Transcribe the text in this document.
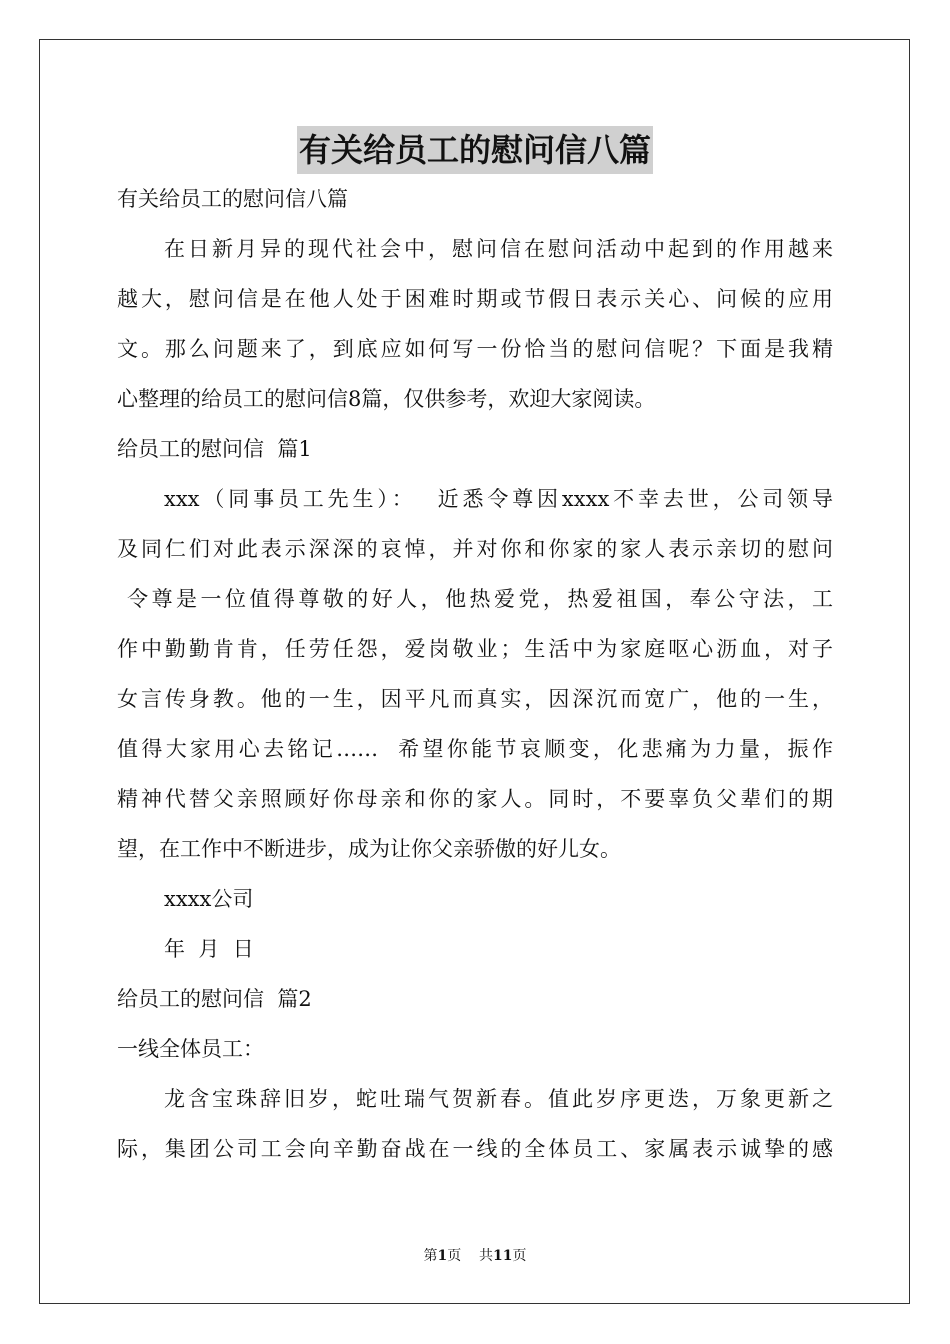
有关给员工的慰问信八篇
有关给员工的慰问信八篇
在日新月异的现代社会中，慰问信在慰问活动中起到的作用越来
越大，慰问信是在他人处于困难时期或节假日表示关心、问候的应用
文。那么问题来了，到底应如何写一份恰当的慰问信呢？下面是我精
心整理的给员工的慰问信8篇，仅供参考，欢迎大家阅读。
给员工的慰问信  篇1
xxx（同事员工先生）：  近悉令尊因xxxx不幸去世，公司领导
及同仁们对此表示深深的哀悼，并对你和你家的家人表示亲切的慰问
令尊是一位值得尊敬的好人，他热爱党，热爱祖国，奉公守法，工
作中勤勤肯肯，任劳任怨，爱岗敬业；生活中为家庭呕心沥血，对子
女言传身教。他的一生，因平凡而真实，因深沉而宽广，他的一生，
值得大家用心去铭记……  希望你能节哀顺变，化悲痛为力量，振作
精神代替父亲照顾好你母亲和你的家人。同时，不要辜负父辈们的期
望，在工作中不断进步，成为让你父亲骄傲的好儿女。
xxxx公司
年  月  日
给员工的慰问信  篇2
一线全体员工：
龙含宝珠辞旧岁，蛇吐瑞气贺新春。值此岁序更迭，万象更新之
际，集团公司工会向辛勤奋战在一线的全体员工、家属表示诚挚的感
第1页    共11页
